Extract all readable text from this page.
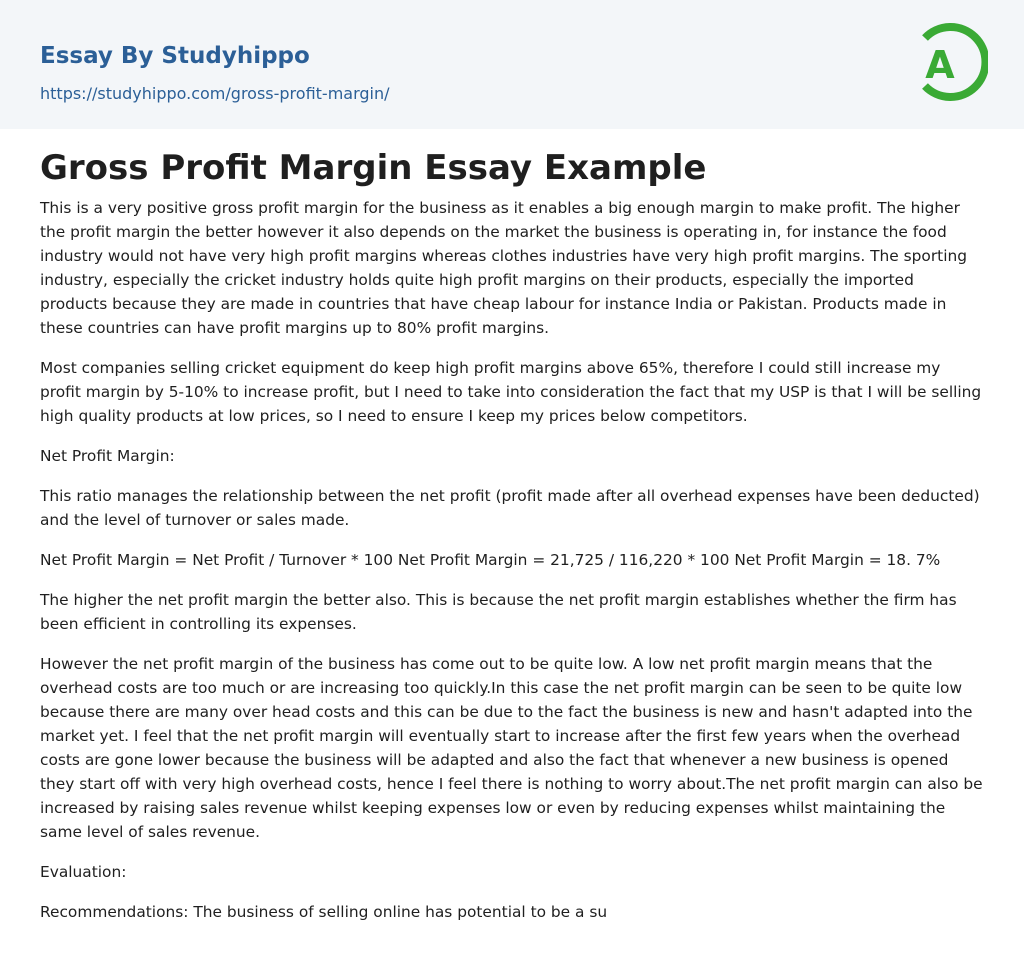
Essay By Studyhippo
https://studyhippo.com/gross-profit-margin/
A
Gross Profit Margin Essay Example

This is a very positive gross profit margin for the business as it enables a big enough margin to make profit. The higher the profit margin the better however it also depends on the market the business is operating in, for instance the food industry would not have very high profit margins whereas clothes industries have very high profit margins. The sporting industry, especially the cricket industry holds quite high profit margins on their products, especially the imported products because they are made in countries that have cheap labour for instance India or Pakistan. Products made in these countries can have profit margins up to 80% profit margins.

Most companies selling cricket equipment do keep high profit margins above 65%, therefore I could still increase my profit margin by 5-10% to increase profit, but I need to take into consideration the fact that my USP is that I will be selling high quality products at low prices, so I need to ensure I keep my prices below competitors.

Net Profit Margin:

This ratio manages the relationship between the net profit (profit made after all overhead expenses have been deducted) and the level of turnover or sales made.

Net Profit Margin = Net Profit / Turnover * 100 Net Profit Margin = 21,725 / 116,220 * 100 Net Profit Margin = 18. 7%

The higher the net profit margin the better also. This is because the net profit margin establishes whether the firm has been efficient in controlling its expenses.

However the net profit margin of the business has come out to be quite low. A low net profit margin means that the overhead costs are too much or are increasing too quickly.In this case the net profit margin can be seen to be quite low because there are many over head costs and this can be due to the fact the business is new and hasn't adapted into the market yet. I feel that the net profit margin will eventually start to increase after the first few years when the overhead costs are gone lower because the business will be adapted and also the fact that whenever a new business is opened they start off with very high overhead costs, hence I feel there is nothing to worry about.The net profit margin can also be increased by raising sales revenue whilst keeping expenses low or even by reducing expenses whilst maintaining the same level of sales revenue.

Evaluation:

Recommendations: The business of selling online has potential to be a su
